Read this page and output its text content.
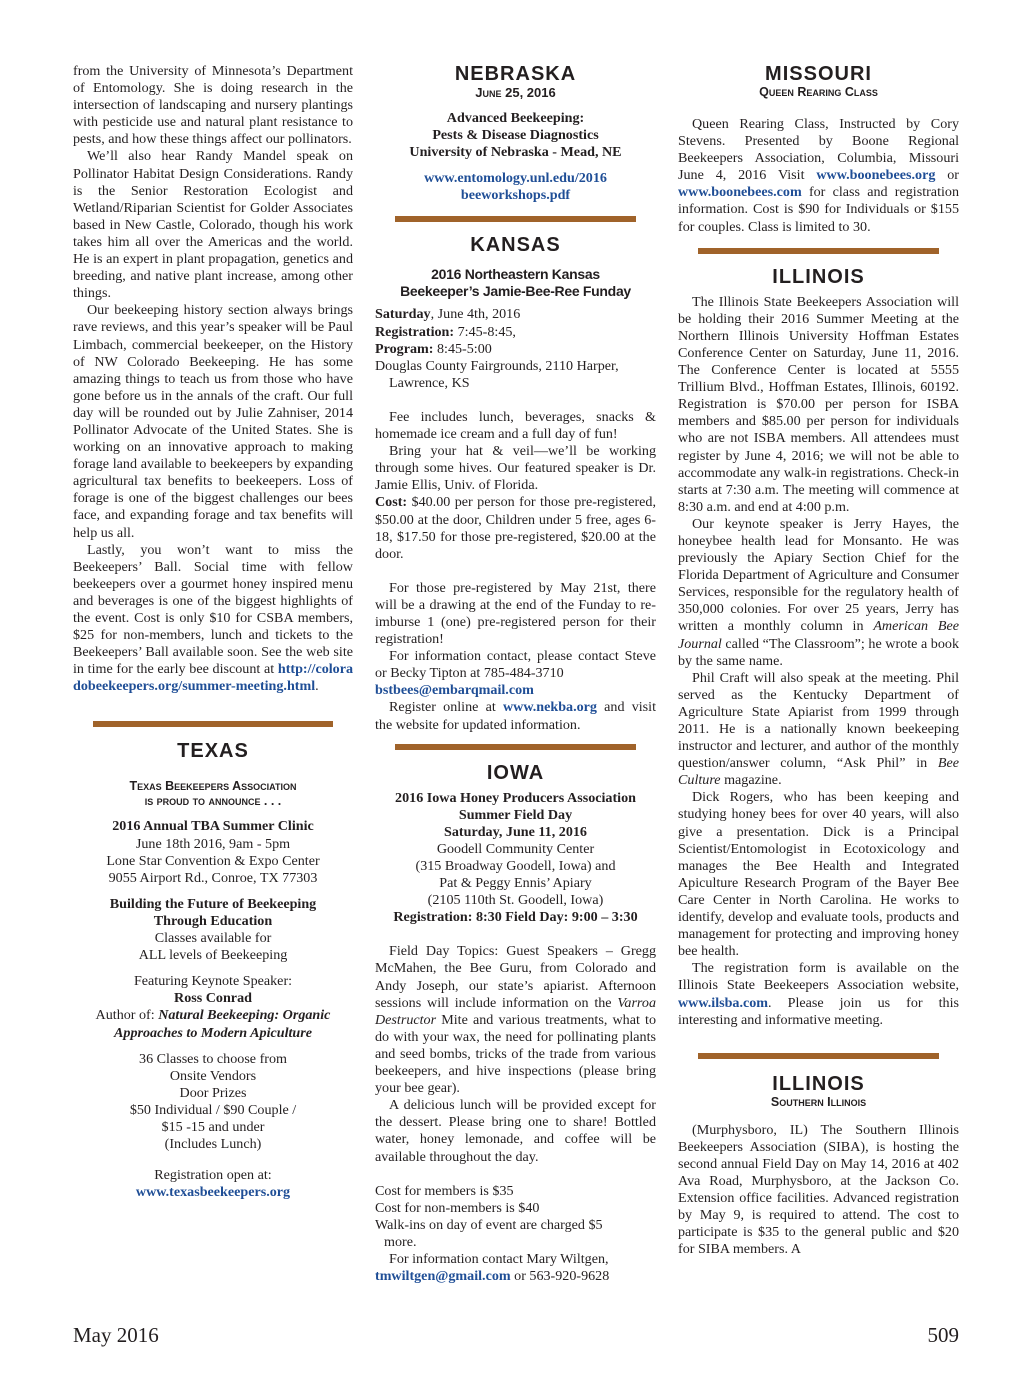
from the University of Minnesota’s Department of Entomology. She is doing research in the intersection of landscaping and nursery plantings with pesticide use and natural plant resistance to pests, and how these things affect our pollinators.

We’ll also hear Randy Mandel speak on Pollinator Habitat Design Considerations. Randy is the Senior Restoration Ecologist and Wetland/Riparian Scientist for Golder Associates based in New Castle, Colorado, though his work takes him all over the Americas and the world. He is an expert in plant propagation, genetics and breeding, and native plant increase, among other things.

Our beekeeping history section always brings rave reviews, and this year’s speaker will be Paul Limbach, commercial beekeeper, on the History of NW Colorado Beekeeping. He has some amazing things to teach us from those who have gone before us in the annals of the craft. Our full day will be rounded out by Julie Zahniser, 2014 Pollinator Advocate of the United States. She is working on an innovative approach to making forage land available to beekeepers by expanding agricultural tax benefits to beekeepers. Loss of forage is one of the biggest challenges our bees face, and expanding forage and tax benefits will help us all.

Lastly, you won’t want to miss the Beekeepers’ Ball. Social time with fellow beekeepers over a gourmet honey inspired menu and beverages is one of the biggest highlights of the event. Cost is only $10 for CSBA members, $25 for non-members, lunch and tickets to the Beekeepers’ Ball available soon. See the web site in time for the early bee discount at http://coloradobeekeepers.org/summer-meeting.html.

TEXAS
Texas Beekeepers Association
is proud to announce . . .

2016 Annual TBA Summer Clinic

June 18th 2016, 9am - 5pm

Lone Star Convention & Expo Center

9055 Airport Rd., Conroe, TX 77303

Building the Future of Beekeeping

Through Education

Classes available for

ALL levels of Beekeeping

Featuring Keynote Speaker:

Ross Conrad

Author of: Natural Beekeeping: Organic

Approaches to Modern Apiculture

36 Classes to choose from

Onsite Vendors

Door Prizes

$50 Individual / $90 Couple /

$15 -15 and under

(Includes Lunch)

Registration open at:

www.texasbeekeepers.org

NEBRASKA
June 25, 2016

Advanced Beekeeping:

Pests & Disease Diagnostics

University of Nebraska - Mead, NE

www.entomology.unl.edu/2016

beeworkshops.pdf

KANSAS
2016 Northeastern Kansas
Beekeeper’s Jamie-Bee-Ree Funday

Saturday, June 4th, 2016

Registration: 7:45-8:45,

Program: 8:45-5:00

Douglas County Fairgrounds, 2110 Harper,

Lawrence, KS

Fee includes lunch, beverages, snacks & homemade ice cream and a full day of fun!

Bring your hat & veil—we’ll be working through some hives. Our featured speaker is Dr. Jamie Ellis, Univ. of Florida.

Cost: $40.00 per person for those pre-registered, $50.00 at the door, Children under 5 free, ages 6-18, $17.50 for those pre-registered, $20.00 at the door.

For those pre-registered by May 21st, there will be a drawing at the end of the Funday to re-imburse 1 (one) pre-registered person for their registration!

For information contact, please contact Steve or Becky Tipton at 785-484-3710

bstbees@embarqmail.com

Register online at www.nekba.org and visit the website for updated information.

IOWA

2016 Iowa Honey Producers Association

Summer Field Day

Saturday, June 11, 2016

Goodell Community Center

(315 Broadway Goodell, Iowa) and

Pat & Peggy Ennis’ Apiary

(2105 110th St. Goodell, Iowa)

Registration: 8:30 Field Day: 9:00 – 3:30

Field Day Topics: Guest Speakers – Gregg McMahen, the Bee Guru, from Colorado and Andy Joseph, our state’s apiarist. Afternoon sessions will include information on the Varroa Destructor Mite and various treatments, what to do with your wax, the need for pollinating plants and seed bombs, tricks of the trade from various beekeepers, and hive inspections (please bring your bee gear).

A delicious lunch will be provided except for the dessert. Please bring one to share! Bottled water, honey lemonade, and coffee will be available throughout the day.

Cost for members is $35

Cost for non-members is $40

Walk-ins on day of event are charged $5

more.

For information contact Mary Wiltgen,

tmwiltgen@gmail.com or 563-920-9628

MISSOURI
Queen Rearing Class

Queen Rearing Class, Instructed by Cory Stevens. Presented by Boone Regional Beekeepers Association, Columbia, Missouri June 4, 2016 Visit www.boonebees.org or www.boonebees.com for class and registration information. Cost is $90 for Individuals or $155 for couples. Class is limited to 30.

ILLINOIS

The Illinois State Beekeepers Association will be holding their 2016 Summer Meeting at the Northern Illinois University Hoffman Estates Conference Center on Saturday, June 11, 2016. The Conference Center is located at 5555 Trillium Blvd., Hoffman Estates, Illinois, 60192. Registration is $70.00 per person for ISBA members and $85.00 per person for individuals who are not ISBA members. All attendees must register by June 4, 2016; we will not be able to accommodate any walk-in registrations. Check-in starts at 7:30 a.m. The meeting will commence at 8:30 a.m. and end at 4:00 p.m.

Our keynote speaker is Jerry Hayes, the honeybee health lead for Monsanto. He was previously the Apiary Section Chief for the Florida Department of Agriculture and Consumer Services, responsible for the regulatory health of 350,000 colonies. For over 25 years, Jerry has written a monthly column in American Bee Journal called “The Classroom”; he wrote a book by the same name.

Phil Craft will also speak at the meeting. Phil served as the Kentucky Department of Agriculture State Apiarist from 1999 through 2011. He is a nationally known beekeeping instructor and lecturer, and author of the monthly question/answer column, “Ask Phil” in Bee Culture magazine.

Dick Rogers, who has been keeping and studying honey bees for over 40 years, will also give a presentation. Dick is a Principal Scientist/Entomologist in Ecotoxicology and manages the Bee Health and Integrated Apiculture Research Program of the Bayer Bee Care Center in North Carolina. He works to identify, develop and evaluate tools, products and management for protecting and improving honey bee health.

The registration form is available on the Illinois State Beekeepers Association website, www.ilsba.com. Please join us for this interesting and informative meeting.

ILLINOIS
Southern Illinois

(Murphysboro, IL) The Southern Illinois Beekeepers Association (SIBA), is hosting the second annual Field Day on May 14, 2016 at 402 Ava Road, Murphysboro, at the Jackson Co. Extension office facilities. Advanced registration by May 9, is required to attend. The cost to participate is $35 to the general public and $20 for SIBA members. A

May 2016	509
